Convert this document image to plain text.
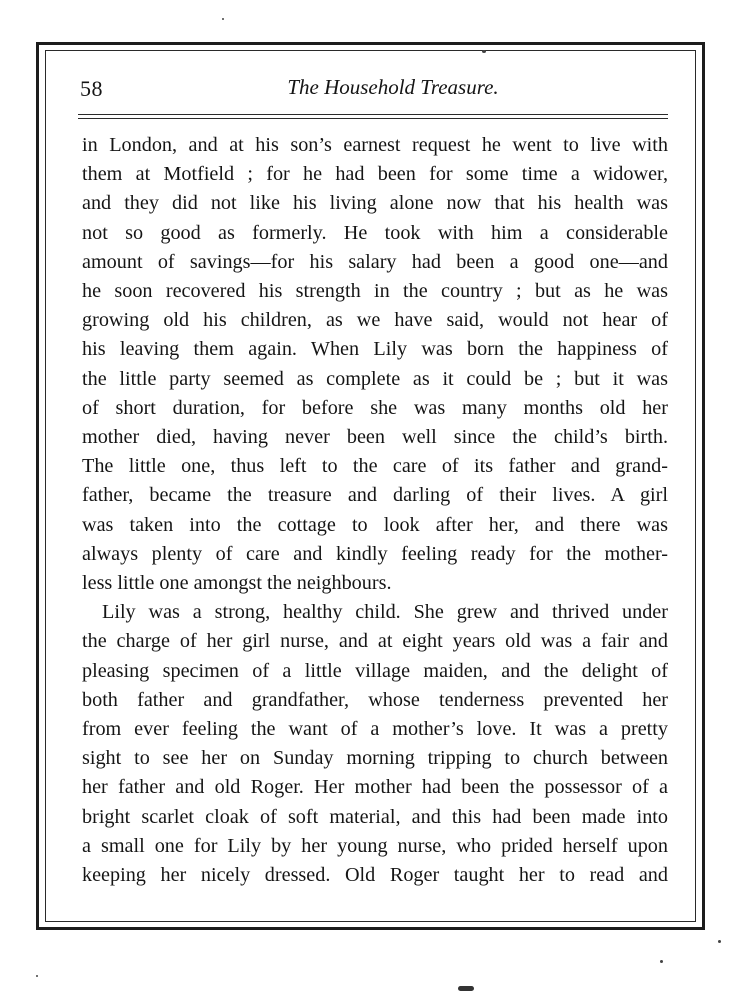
58	The Household Treasure.
in London, and at his son’s earnest request he went to live with
them at Motfield ; for he had been for some time a widower,
and they did not like his living alone now that his health was
not so good as formerly. He took with him a considerable
amount of savings—for his salary had been a good one—and
he soon recovered his strength in the country ; but as he was
growing old his children, as we have said, would not hear of
his leaving them again. When Lily was born the happiness of
the little party seemed as complete as it could be ; but it was
of short duration, for before she was many months old her
mother died, having never been well since the child’s birth.
The little one, thus left to the care of its father and grand-
father, became the treasure and darling of their lives. A girl
was taken into the cottage to look after her, and there was
always plenty of care and kindly feeling ready for the mother-
less little one amongst the neighbours.
Lily was a strong, healthy child. She grew and thrived under
the charge of her girl nurse, and at eight years old was a fair and
pleasing specimen of a little village maiden, and the delight of
both father and grandfather, whose tenderness prevented her
from ever feeling the want of a mother’s love. It was a pretty
sight to see her on Sunday morning tripping to church between
her father and old Roger. Her mother had been the possessor of a
bright scarlet cloak of soft material, and this had been made into
a small one for Lily by her young nurse, who prided herself upon
keeping her nicely dressed. Old Roger taught her to read and
